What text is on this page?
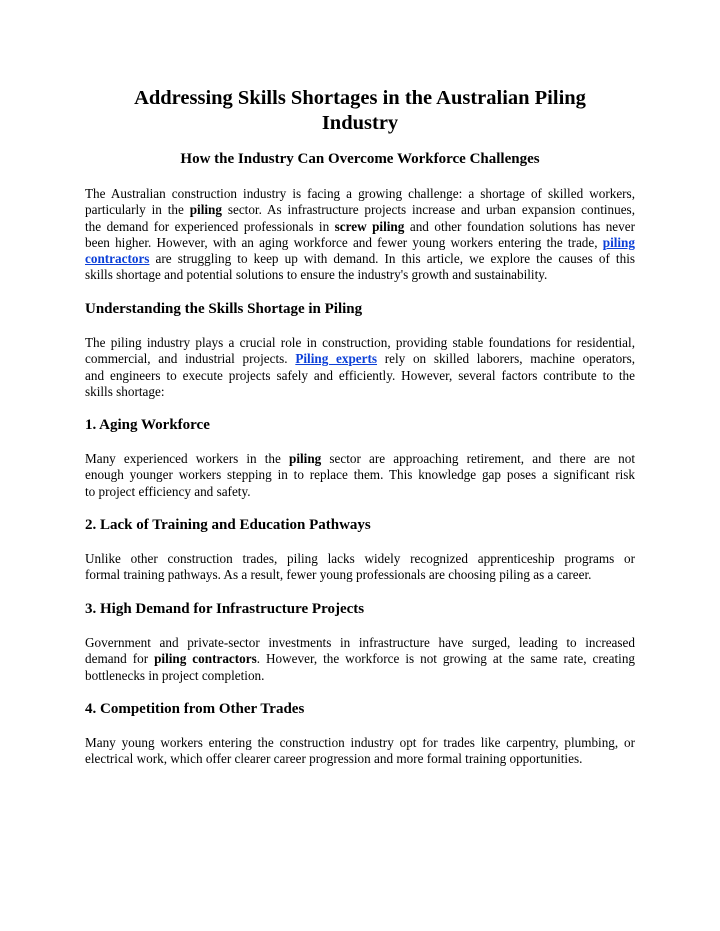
Addressing Skills Shortages in the Australian Piling
Industry
How the Industry Can Overcome Workforce Challenges
The Australian construction industry is facing a growing challenge: a shortage of skilled workers,
particularly in the piling sector. As infrastructure projects increase and urban expansion continues,
the demand for experienced professionals in screw piling and other foundation solutions has never
been higher. However, with an aging workforce and fewer young workers entering the trade, piling
contractors are struggling to keep up with demand. In this article, we explore the causes of this
skills shortage and potential solutions to ensure the industry's growth and sustainability.
Understanding the Skills Shortage in Piling
The piling industry plays a crucial role in construction, providing stable foundations for residential,
commercial, and industrial projects. Piling experts rely on skilled laborers, machine operators,
and engineers to execute projects safely and efficiently. However, several factors contribute to the
skills shortage:
1. Aging Workforce
Many experienced workers in the piling sector are approaching retirement, and there are not
enough younger workers stepping in to replace them. This knowledge gap poses a significant risk
to project efficiency and safety.
2. Lack of Training and Education Pathways
Unlike other construction trades, piling lacks widely recognized apprenticeship programs or
formal training pathways. As a result, fewer young professionals are choosing piling as a career.
3. High Demand for Infrastructure Projects
Government and private-sector investments in infrastructure have surged, leading to increased
demand for piling contractors. However, the workforce is not growing at the same rate, creating
bottlenecks in project completion.
4. Competition from Other Trades
Many young workers entering the construction industry opt for trades like carpentry, plumbing, or
electrical work, which offer clearer career progression and more formal training opportunities.
